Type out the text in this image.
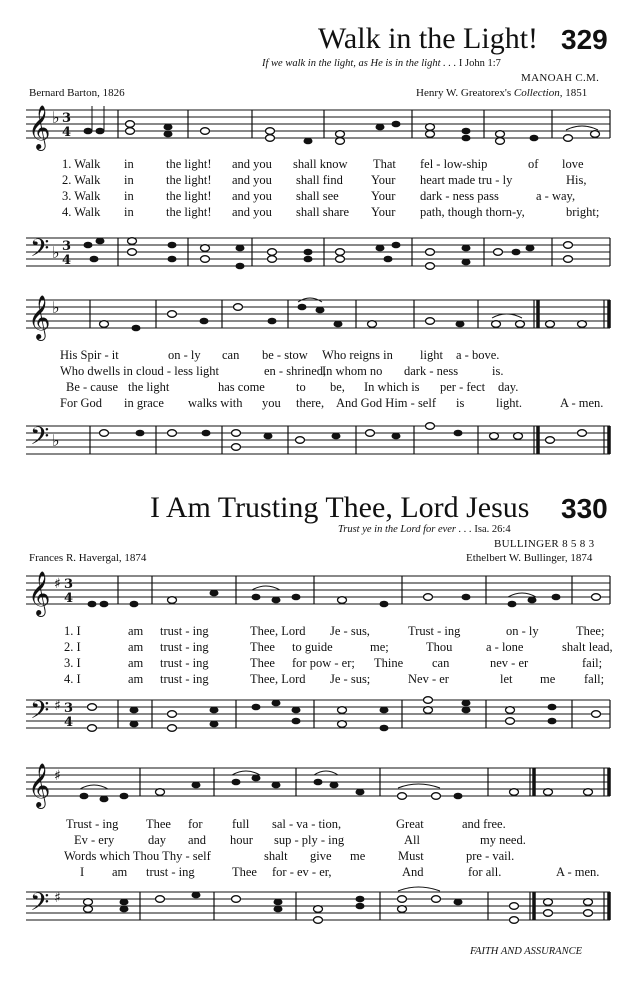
Walk in the Light! 329
If we walk in the light, as He is in the light . . . I John 1:7
MANOAH C.M.
Bernard Barton, 1826	Henry W. Greatorex's Collection, 1851
𝄞 ♭ 3
4
1. Walk in	the light! and you shall know That fel - low-ship	of love
2. Walk in	the light! and you shall find Your heart made tru - ly	His,
3. Walk in	the light! and you shall see	Your dark - ness pass	a - way,
4. Walk in	the light! and you shall share Your path, though thorn-y,	bright;
𝄢 ♭ 3
4
𝄞 ♭
His Spir - it	on - ly can be - stow Who reigns in light a - bove.
Who dwells in cloud - less light	en - shrined,
In whom no dark - ness	is.
Be - cause the light	has come to be, In which is per - fect day.
For God in grace walks with you there, And God Him - self is	light.	A - men.
𝄢 ♭
I Am Trusting Thee, Lord Jesus 330
Trust ye in the Lord for ever . . . Isa. 26:4
BULLINGER 8 5 8 3
Frances R. Havergal, 1874	Ethelbert W. Bullinger, 1874
𝄞 ♯ 3
4
1. I	am trust - ing	Thee, Lord Je - sus,	Trust - ing	on - ly	Thee;
2. I	am trust - ing	Thee to guide	me;	Thou	a - lone	shalt lead,
3. I	am trust - ing	Thee for pow - er; Thine can	nev - er	fail;
4. I	am trust - ing	Thee, Lord Je - sus;	Nev - er	let me fall;
𝄢 ♯ 3
4
𝄞 ♯
Trust - ing Thee for full sal - va - tion,	Great	and free.
Ev - ery	day and hour sup - ply - ing	All	my need.
Words which Thou Thy - self	shalt give me	Must	pre - vail.
I am trust - ing	Thee for - ev - er,	And	for all.	A - men.
𝄢 ♯
FAITH AND ASSURANCE
